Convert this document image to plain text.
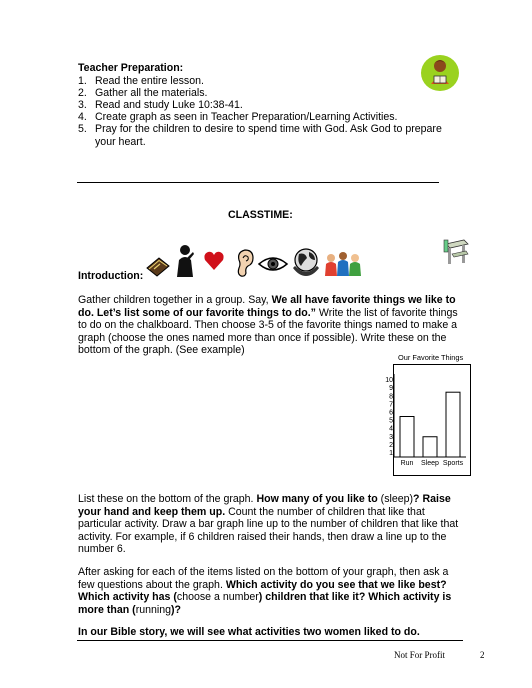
Teacher Preparation:
1. Read the entire lesson.
2. Gather all the materials.
3. Read and study Luke 10:38-41.
4. Create graph as seen in Teacher Preparation/Learning Activities.
5. Pray for the children to desire to spend time with God. Ask God to prepare your heart.
CLASSTIME:
Introduction:

Gather children together in a group. Say, We all have favorite things we like to do. Let’s list some of our favorite things to do.” Write the list of favorite things to do on the chalkboard. Then choose 3-5 of the favorite things named to make a graph (choose the ones named more than once if possible). Write these on the bottom of the graph. (See example)

Our Favorite Things
1
2
3
4
5
6
7
8
9
10
Run Sleep Sports

List these on the bottom of the graph. How many of you like to (sleep)? Raise your hand and keep them up. Count the number of children that like that particular activity. Draw a bar graph line up to the number of children that like that activity. For example, if 6 children raised their hands, then draw a line up to the number 6.

After asking for each of the items listed on the bottom of your graph, then ask a few questions about the graph. Which activity do you see that we like best? Which activity has (choose a number) children that like it? Which activity is more than (running)?

In our Bible story, we will see what activities two women liked to do.

Not For Profit	2
